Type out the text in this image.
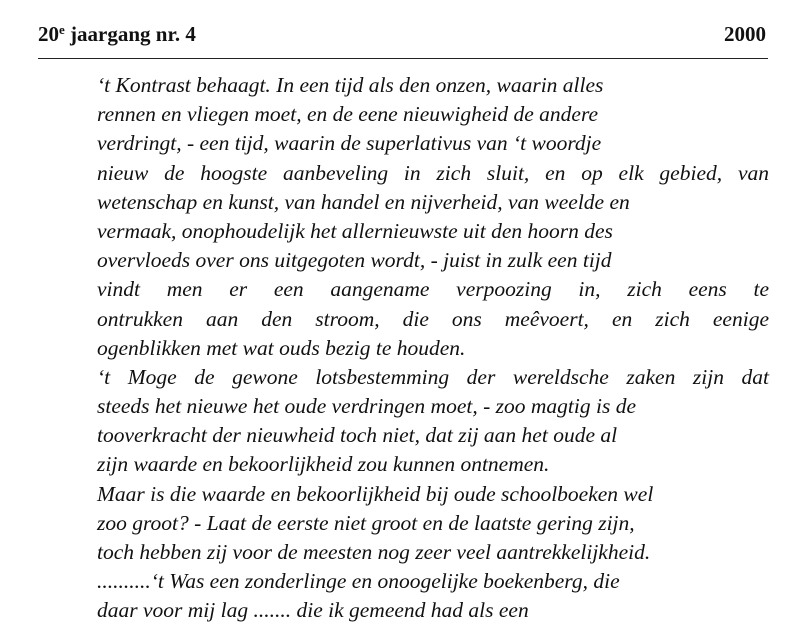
20e jaargang nr. 4	2000
‘t Kontrast behaagt. In een tijd als den onzen, waarin alles
rennen en vliegen moet, en de eene nieuwigheid de andere
verdringt, - een tijd, waarin de superlativus van ‘t woordje
nieuw de hoogste aanbeveling in zich sluit, en op elk gebied, van
wetenschap en kunst, van handel en nijverheid, van weelde en
vermaak, onophoudelijk het allernieuwste uit den hoorn des
overvloeds over ons uitgegoten wordt, - juist in zulk een tijd
vindt men er een aangename verpoozing in, zich eens te
ontrukken aan den stroom, die ons meêvoert, en zich eenige
ogenblikken met wat ouds bezig te houden.
‘t Moge de gewone lotsbestemming der wereldsche zaken zijn dat
steeds het nieuwe het oude verdringen moet, - zoo magtig is de
tooverkracht der nieuwheid toch niet, dat zij aan het oude al
zijn waarde en bekoorlijkheid zou kunnen ontnemen.
Maar is die waarde en bekoorlijkheid bij oude schoolboeken wel
zoo groot? - Laat de eerste niet groot en de laatste gering zijn,
toch hebben zij voor de meesten nog zeer veel aantrekkelijkheid.
..........‘t Was een zonderlinge en onoogelijke boekenberg, die
daar voor mij lag ....... die ik gemeend had als een
